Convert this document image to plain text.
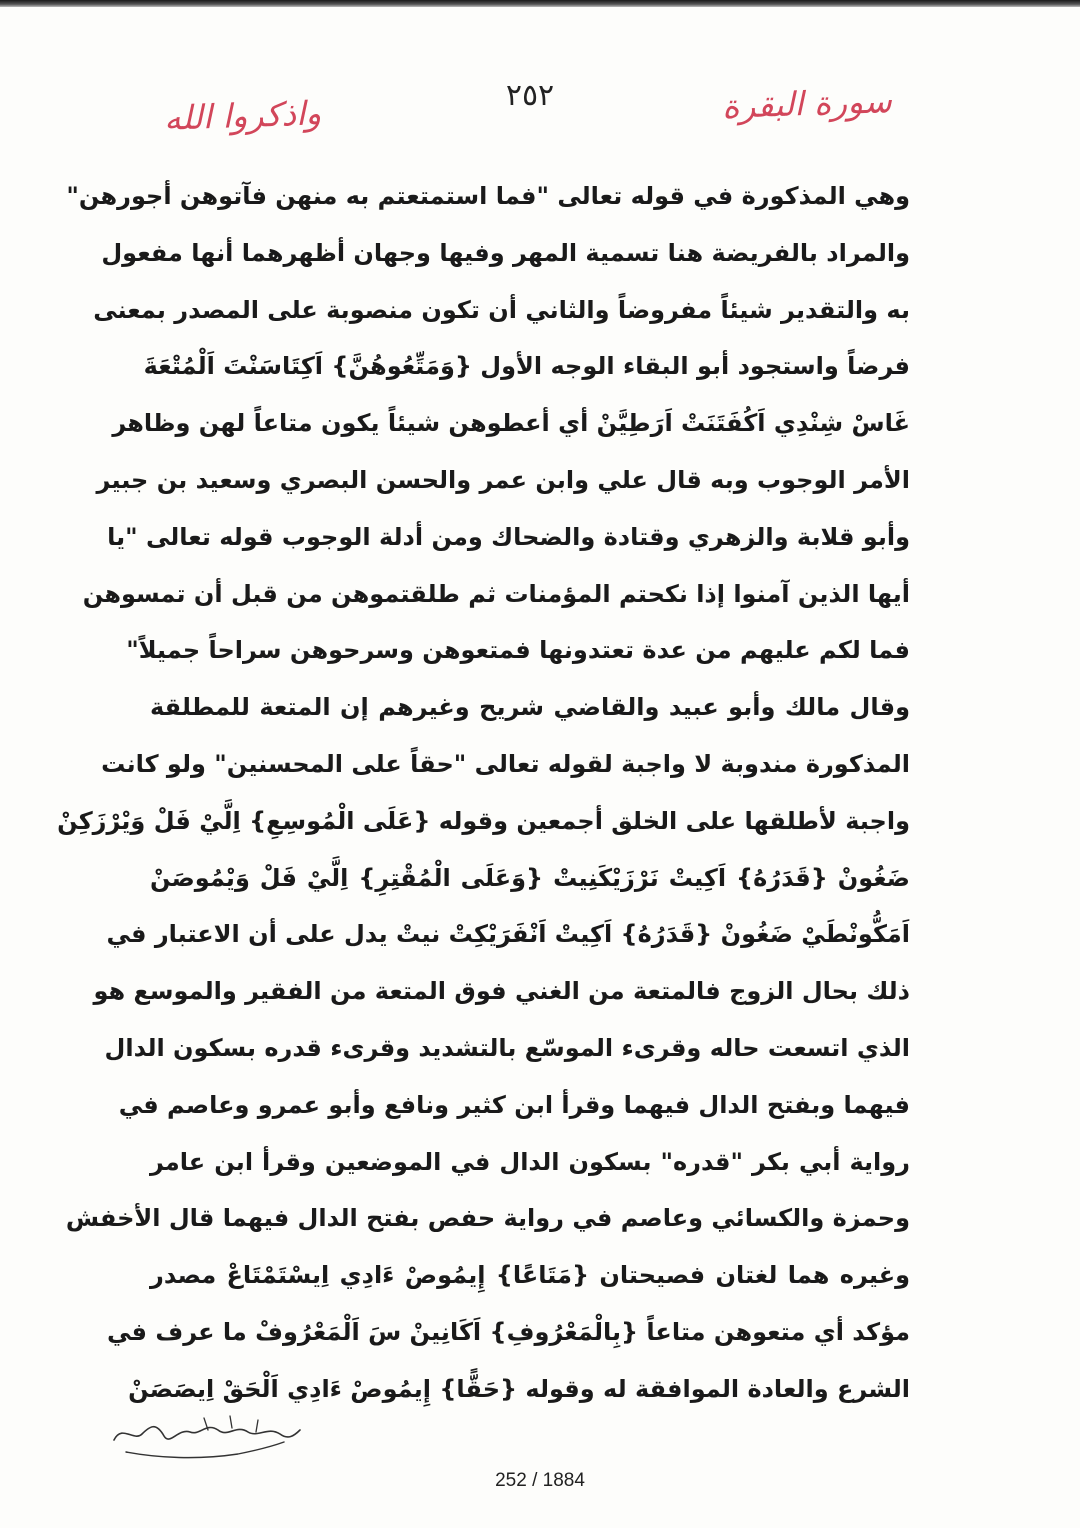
سورة البقرة
٢٥٢
واذكروا الله
وهي المذكورة في قوله تعالى "فما استمتعتم به منهن فآتوهن أجورهن"
والمراد بالفريضة هنا تسمية المهر وفيها وجهان أظهرهما أنها مفعول
به والتقدير شيئاً مفروضاً والثاني أن تكون منصوبة على المصدر بمعنى
فرضاً واستجود أبو البقاء الوجه الأول {وَمَتِّعُوهُنَّ} اَكِتَاسَنْتَ اَلْمُتْعَةَ
غَاسْ شِنْدِي اَكُفَتَنَتْ اَرَطِيَّنْ أي أعطوهن شيئاً يكون متاعاً لهن وظاهر
الأمر الوجوب وبه قال علي وابن عمر والحسن البصري وسعيد بن جبير
وأبو قلابة والزهري وقتادة والضحاك ومن أدلة الوجوب قوله تعالى "يا
أيها الذين آمنوا إذا نكحتم المؤمنات ثم طلقتموهن من قبل أن تمسوهن
فما لكم عليهم من عدة تعتدونها فمتعوهن وسرحوهن سراحاً جميلاً"
وقال مالك وأبو عبيد والقاضي شريح وغيرهم إن المتعة للمطلقة
المذكورة مندوبة لا واجبة لقوله تعالى "حقاً على المحسنين" ولو كانت
واجبة لأطلقها على الخلق أجمعين وقوله {عَلَى الْمُوسِعِ} اِلَّيْ فَلْ وَيْرْزَكِنْ
ضَغُونْ {قَدَرُهُ} اَكِيتْ نَرْزَيْكَنِيتْ {وَعَلَى الْمُقْتِرِ} اِلَّيْ فَلْ وَيْمُوصَنْ
اَمَكُّونْطَيْ ضَغُونْ {قَدَرُهُ} اَكِيتْ اَنْفَرَيْكِتْ نيتْ يدل على أن الاعتبار في
ذلك بحال الزوج فالمتعة من الغني فوق المتعة من الفقير والموسع هو
الذي اتسعت حاله وقرىء الموسّع بالتشديد وقرىء قدره بسكون الدال
فيهما وبفتح الدال فيهما وقرأ ابن كثير ونافع وأبو عمرو وعاصم في
رواية أبي بكر "قدره" بسكون الدال في الموضعين وقرأ ابن عامر
وحمزة والكسائي وعاصم في رواية حفص بفتح الدال فيهما قال الأخفش
وغيره هما لغتان فصيحتان {مَتَاعًا} إِيمُوصْ ءَادِي اِيسْتَمْتَاعْ مصدر
مؤكد أي متعوهن متاعاً {بِالْمَعْرُوفِ} اَكَانِينْ سَ اَلْمَعْرُوفْ ما عرف في
الشرع والعادة الموافقة له وقوله {حَقًّا} إِيمُوصْ ءَادِي اَلْحَقْ اِيصَصَنْ
252 / 1884
